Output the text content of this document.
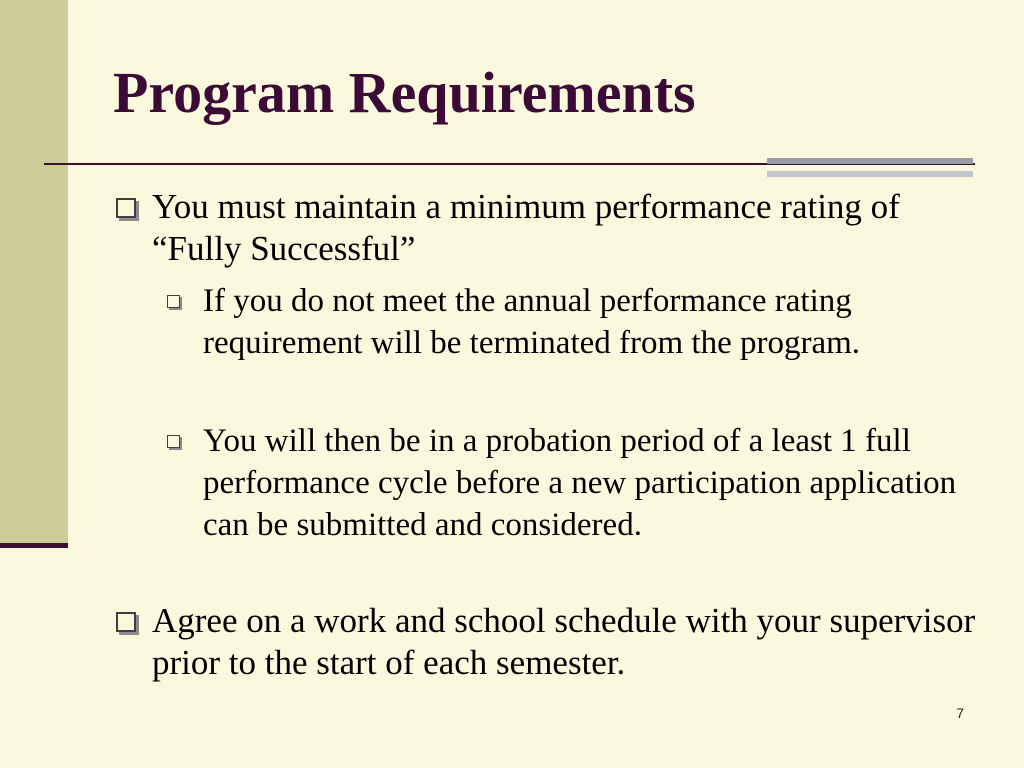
Program Requirements
You must maintain a minimum performance rating of “Fully Successful”
If you do not meet the annual performance rating requirement will be terminated from the program.
You will then be in a probation period of a least 1 full performance cycle before a new participation application can be submitted and considered.
Agree on a work and school schedule with your supervisor prior to the start of each semester.
7
